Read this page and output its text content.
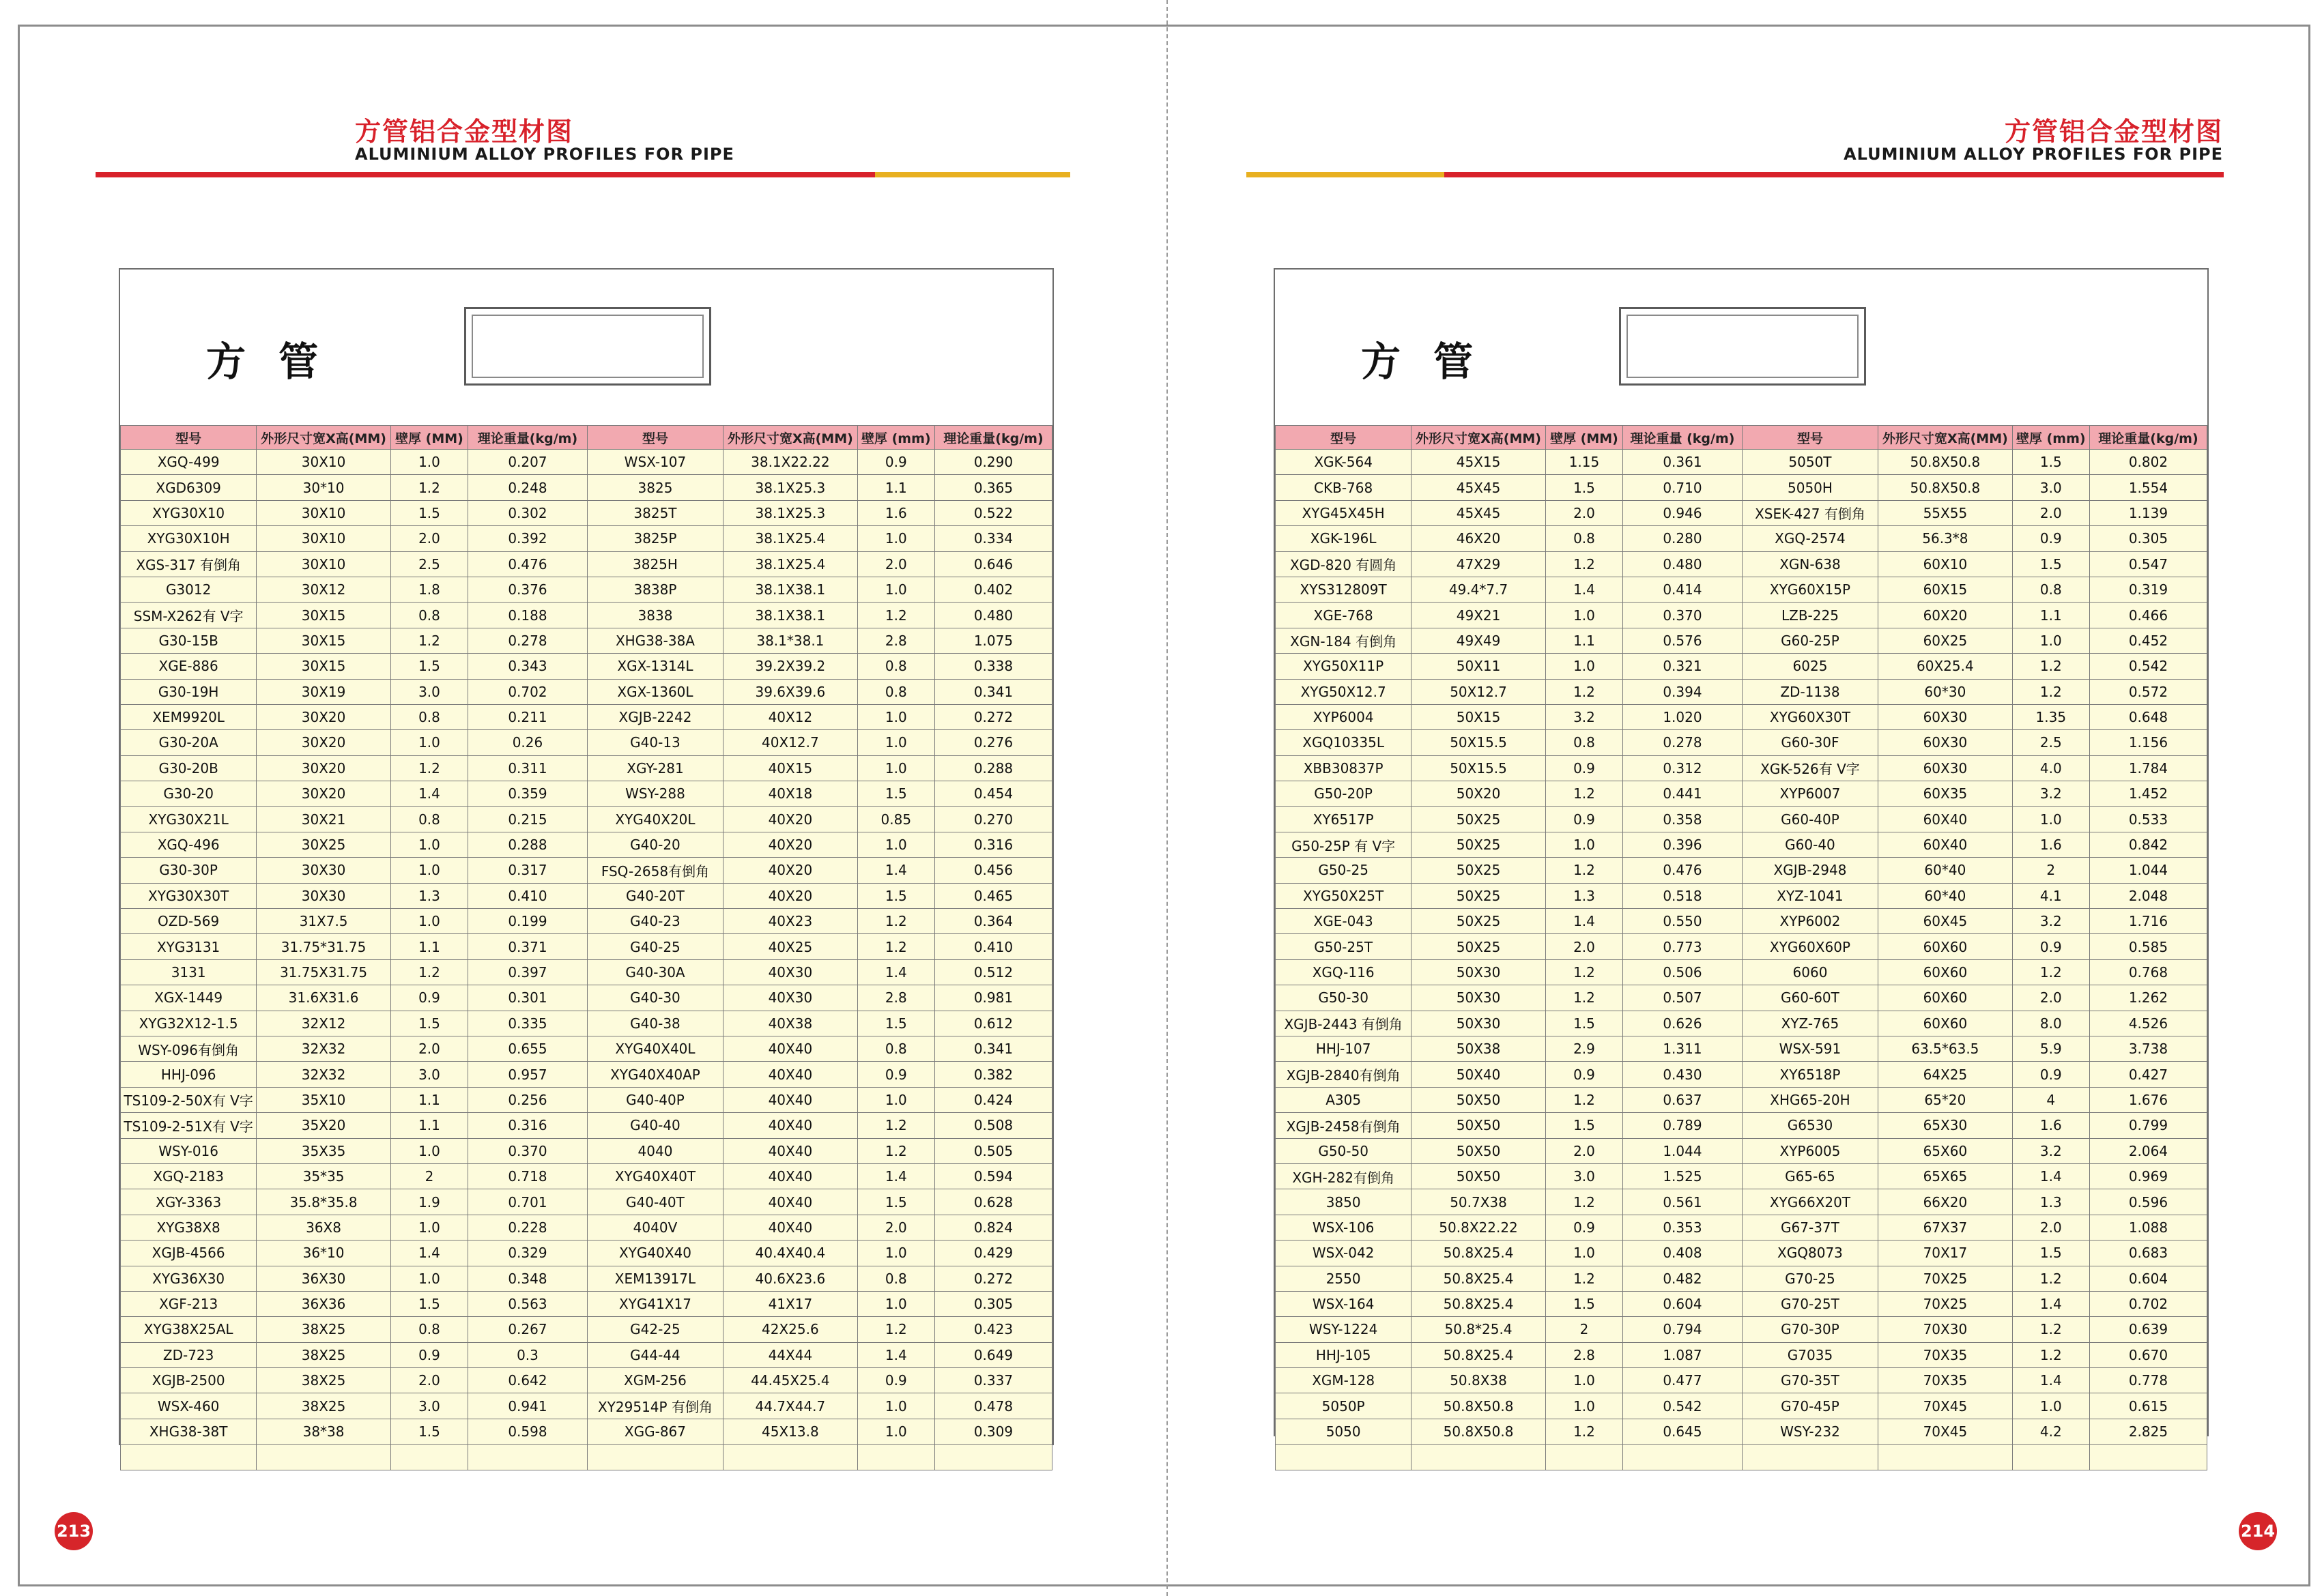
方管铝合金型材图
ALUMINIUM ALLOY PROFILES FOR PIPE
方管铝合金型材图
ALUMINIUM ALLOY PROFILES FOR PIPE
方 管
型号	外形尺寸宽X高(MM)	壁厚 (MM)	理论重量(kg/m)	型号	外形尺寸宽X高(MM)	壁厚 (mm)	理论重量(kg/m)
XGQ-499	30X10	1.0	0.207	WSX-107	38.1X22.22	0.9	0.290
XGD6309	30*10	1.2	0.248	3825	38.1X25.3	1.1	0.365
XYG30X10	30X10	1.5	0.302	3825T	38.1X25.3	1.6	0.522
XYG30X10H	30X10	2.0	0.392	3825P	38.1X25.4	1.0	0.334
XGS-317 有倒角	30X10	2.5	0.476	3825H	38.1X25.4	2.0	0.646
G3012	30X12	1.8	0.376	3838P	38.1X38.1	1.0	0.402
SSM-X262有 V字	30X15	0.8	0.188	3838	38.1X38.1	1.2	0.480
G30-15B	30X15	1.2	0.278	XHG38-38A	38.1*38.1	2.8	1.075
XGE-886	30X15	1.5	0.343	XGX-1314L	39.2X39.2	0.8	0.338
G30-19H	30X19	3.0	0.702	XGX-1360L	39.6X39.6	0.8	0.341
XEM9920L	30X20	0.8	0.211	XGJB-2242	40X12	1.0	0.272
G30-20A	30X20	1.0	0.26	G40-13	40X12.7	1.0	0.276
G30-20B	30X20	1.2	0.311	XGY-281	40X15	1.0	0.288
G30-20	30X20	1.4	0.359	WSY-288	40X18	1.5	0.454
XYG30X21L	30X21	0.8	0.215	XYG40X20L	40X20	0.85	0.270
XGQ-496	30X25	1.0	0.288	G40-20	40X20	1.0	0.316
G30-30P	30X30	1.0	0.317	FSQ-2658有倒角	40X20	1.4	0.456
XYG30X30T	30X30	1.3	0.410	G40-20T	40X20	1.5	0.465
OZD-569	31X7.5	1.0	0.199	G40-23	40X23	1.2	0.364
XYG3131	31.75*31.75	1.1	0.371	G40-25	40X25	1.2	0.410
3131	31.75X31.75	1.2	0.397	G40-30A	40X30	1.4	0.512
XGX-1449	31.6X31.6	0.9	0.301	G40-30	40X30	2.8	0.981
XYG32X12-1.5	32X12	1.5	0.335	G40-38	40X38	1.5	0.612
WSY-096有倒角	32X32	2.0	0.655	XYG40X40L	40X40	0.8	0.341
HHJ-096	32X32	3.0	0.957	XYG40X40AP	40X40	0.9	0.382
TS109-2-50X有 V字	35X10	1.1	0.256	G40-40P	40X40	1.0	0.424
TS109-2-51X有 V字	35X20	1.1	0.316	G40-40	40X40	1.2	0.508
WSY-016	35X35	1.0	0.370	4040	40X40	1.2	0.505
XGQ-2183	35*35	2	0.718	XYG40X40T	40X40	1.4	0.594
XGY-3363	35.8*35.8	1.9	0.701	G40-40T	40X40	1.5	0.628
XYG38X8	36X8	1.0	0.228	4040V	40X40	2.0	0.824
XGJB-4566	36*10	1.4	0.329	XYG40X40	40.4X40.4	1.0	0.429
XYG36X30	36X30	1.0	0.348	XEM13917L	40.6X23.6	0.8	0.272
XGF-213	36X36	1.5	0.563	XYG41X17	41X17	1.0	0.305
XYG38X25AL	38X25	0.8	0.267	G42-25	42X25.6	1.2	0.423
ZD-723	38X25	0.9	0.3	G44-44	44X44	1.4	0.649
XGJB-2500	38X25	2.0	0.642	XGM-256	44.45X25.4	0.9	0.337
WSX-460	38X25	3.0	0.941	XY29514P 有倒角	44.7X44.7	1.0	0.478
XHG38-38T	38*38	1.5	0.598	XGG-867	45X13.8	1.0	0.309

方 管
型号	外形尺寸宽X高(MM)	壁厚 (MM)	理论重量 (kg/m)	型号	外形尺寸宽X高(MM)	壁厚 (mm)	理论重量(kg/m)
XGK-564	45X15	1.15	0.361	5050T	50.8X50.8	1.5	0.802
CKB-768	45X45	1.5	0.710	5050H	50.8X50.8	3.0	1.554
XYG45X45H	45X45	2.0	0.946	XSEK-427 有倒角	55X55	2.0	1.139
XGK-196L	46X20	0.8	0.280	XGQ-2574	56.3*8	0.9	0.305
XGD-820 有圆角	47X29	1.2	0.480	XGN-638	60X10	1.5	0.547
XYS312809T	49.4*7.7	1.4	0.414	XYG60X15P	60X15	0.8	0.319
XGE-768	49X21	1.0	0.370	LZB-225	60X20	1.1	0.466
XGN-184 有倒角	49X49	1.1	0.576	G60-25P	60X25	1.0	0.452
XYG50X11P	50X11	1.0	0.321	6025	60X25.4	1.2	0.542
XYG50X12.7	50X12.7	1.2	0.394	ZD-1138	60*30	1.2	0.572
XYP6004	50X15	3.2	1.020	XYG60X30T	60X30	1.35	0.648
XGQ10335L	50X15.5	0.8	0.278	G60-30F	60X30	2.5	1.156
XBB30837P	50X15.5	0.9	0.312	XGK-526有 V字	60X30	4.0	1.784
G50-20P	50X20	1.2	0.441	XYP6007	60X35	3.2	1.452
XY6517P	50X25	0.9	0.358	G60-40P	60X40	1.0	0.533
G50-25P 有 V字	50X25	1.0	0.396	G60-40	60X40	1.6	0.842
G50-25	50X25	1.2	0.476	XGJB-2948	60*40	2	1.044
XYG50X25T	50X25	1.3	0.518	XYZ-1041	60*40	4.1	2.048
XGE-043	50X25	1.4	0.550	XYP6002	60X45	3.2	1.716
G50-25T	50X25	2.0	0.773	XYG60X60P	60X60	0.9	0.585
XGQ-116	50X30	1.2	0.506	6060	60X60	1.2	0.768
G50-30	50X30	1.2	0.507	G60-60T	60X60	2.0	1.262
XGJB-2443 有倒角	50X30	1.5	0.626	XYZ-765	60X60	8.0	4.526
HHJ-107	50X38	2.9	1.311	WSX-591	63.5*63.5	5.9	3.738
XGJB-2840有倒角	50X40	0.9	0.430	XY6518P	64X25	0.9	0.427
A305	50X50	1.2	0.637	XHG65-20H	65*20	4	1.676
XGJB-2458有倒角	50X50	1.5	0.789	G6530	65X30	1.6	0.799
G50-50	50X50	2.0	1.044	XYP6005	65X60	3.2	2.064
XGH-282有倒角	50X50	3.0	1.525	G65-65	65X65	1.4	0.969
3850	50.7X38	1.2	0.561	XYG66X20T	66X20	1.3	0.596
WSX-106	50.8X22.22	0.9	0.353	G67-37T	67X37	2.0	1.088
WSX-042	50.8X25.4	1.0	0.408	XGQ8073	70X17	1.5	0.683
2550	50.8X25.4	1.2	0.482	G70-25	70X25	1.2	0.604
WSX-164	50.8X25.4	1.5	0.604	G70-25T	70X25	1.4	0.702
WSY-1224	50.8*25.4	2	0.794	G70-30P	70X30	1.2	0.639
HHJ-105	50.8X25.4	2.8	1.087	G7035	70X35	1.2	0.670
XGM-128	50.8X38	1.0	0.477	G70-35T	70X35	1.4	0.778
5050P	50.8X50.8	1.0	0.542	G70-45P	70X45	1.0	0.615
5050	50.8X50.8	1.2	0.645	WSY-232	70X45	4.2	2.825

213	214
